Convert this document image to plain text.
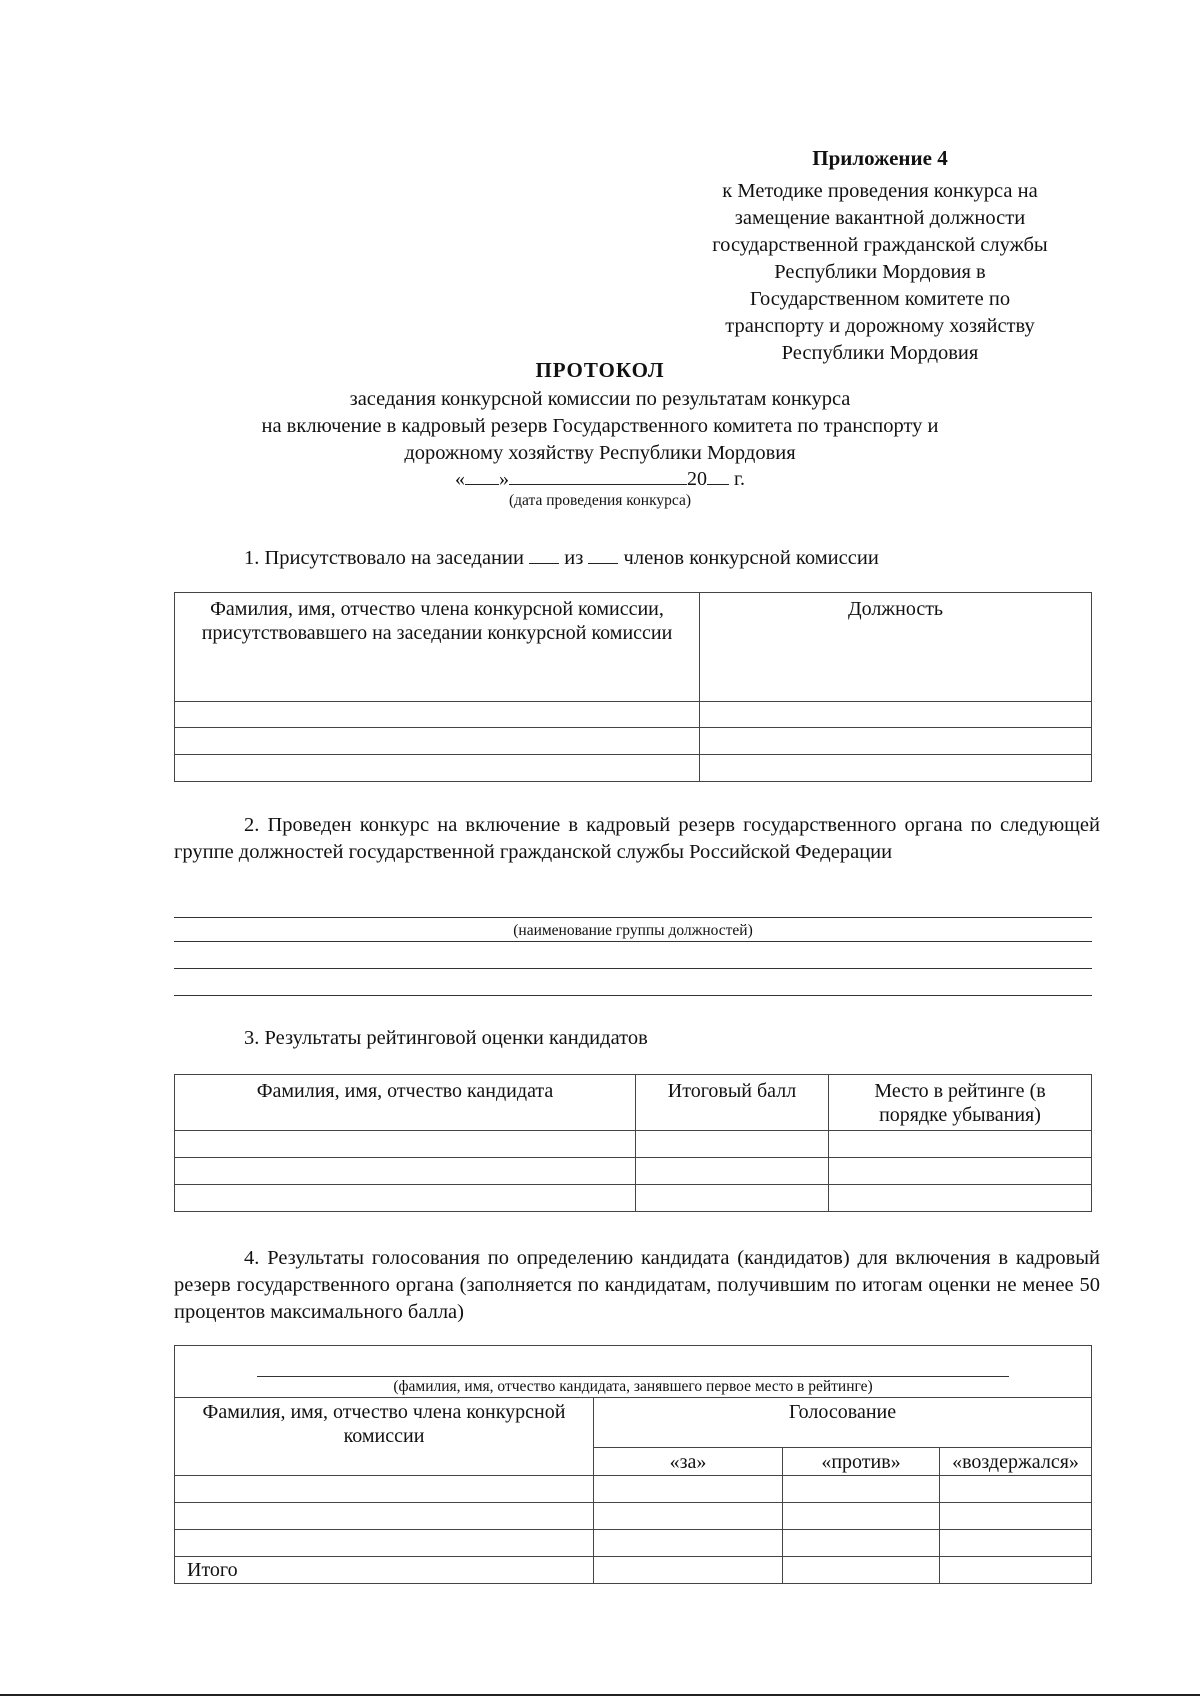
Приложение 4
к Методике проведения конкурса на
замещение вакантной должности
государственной гражданской службы
Республики Мордовия в
Государственном комитете по
транспорту и дорожному хозяйству
Республики Мордовия
ПРОТОКОЛ
заседания конкурсной комиссии по результатам конкурса
на включение в кадровый резерв Государственного комитета по транспорту и
дорожному хозяйству Республики Мордовия
« »	20 г.
(дата проведения конкурса)
1. Присутствовало на заседании из членов конкурсной комиссии
Фамилия, имя, отчество члена конкурсной комиссии, присутствовавшего на заседании конкурсной комиссии	Должность

2. Проведен конкурс на включение в кадровый резерв государственного органа по следующей группе должностей государственной гражданской службы Российской Федерации
(наименование группы должностей)
3. Результаты рейтинговой оценки кандидатов
Фамилия, имя, отчество кандидата	Итоговый балл	Место в рейтинге (в порядке убывания)

4. Результаты голосования по определению кандидата (кандидатов) для включения в кадровый резерв государственного органа (заполняется по кандидатам, получившим по итогам оценки не менее 50 процентов максимального балла)
(фамилия, имя, отчество кандидата, занявшего первое место в рейтинге)			

Фамилия, имя, отчество члена конкурсной комиссии	Голосование		
	«за»	«против»	«воздержался»

Итого			
